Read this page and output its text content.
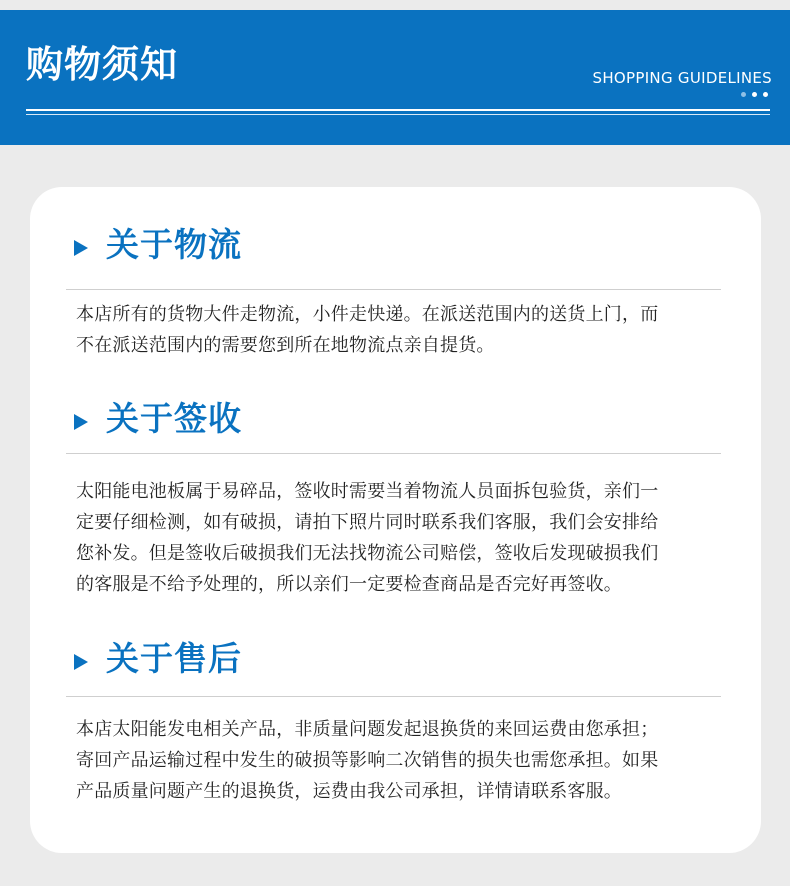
购物须知	SHOPPING GUIDELINES
关于物流
本店所有的货物大件走物流，小件走快递。在派送范围内的送货上门，而
不在派送范围内的需要您到所在地物流点亲自提货。
关于签收
太阳能电池板属于易碎品，签收时需要当着物流人员面拆包验货，亲们一
定要仔细检测，如有破损，请拍下照片同时联系我们客服，我们会安排给
您补发。但是签收后破损我们无法找物流公司赔偿，签收后发现破损我们
的客服是不给予处理的，所以亲们一定要检查商品是否完好再签收。
关于售后
本店太阳能发电相关产品，非质量问题发起退换货的来回运费由您承担；
寄回产品运输过程中发生的破损等影响二次销售的损失也需您承担。如果
产品质量问题产生的退换货，运费由我公司承担，详情请联系客服。
